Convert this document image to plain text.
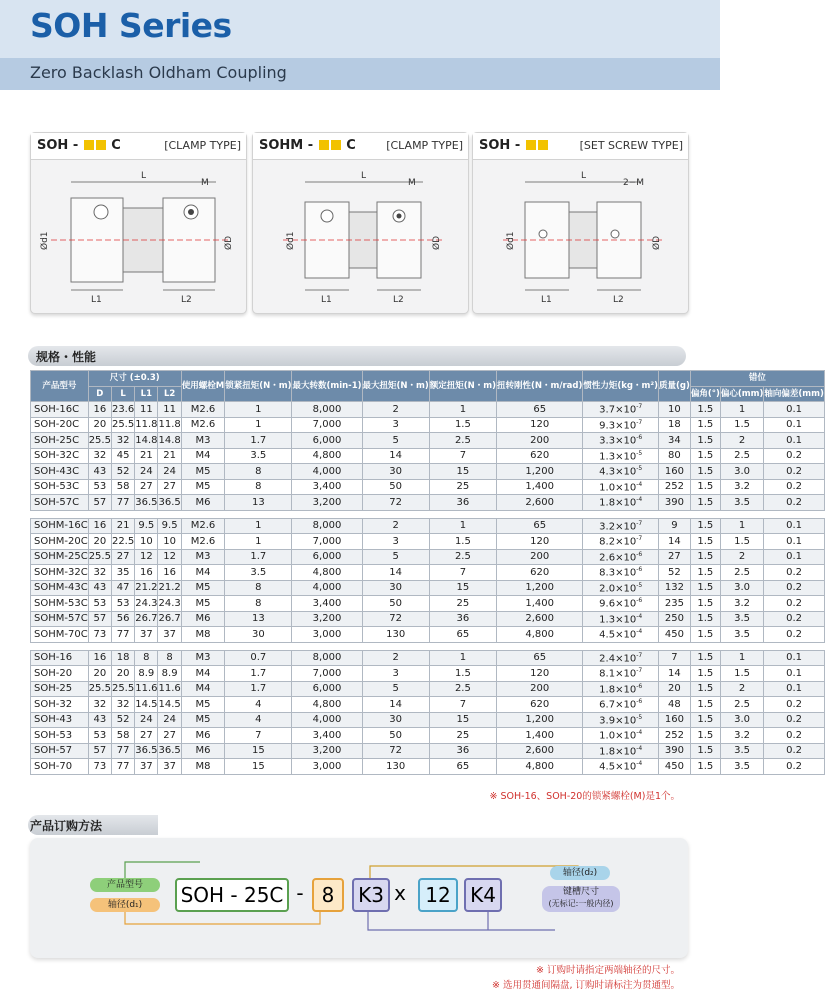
SOH Series
Zero Backlash Oldham Coupling
SOH -	C	[CLAMP TYPE]
L
L1	L2
M
Ød1	ØD
SOHM -	C	[CLAMP TYPE]
L
L1	L2
M
Ød1	ØD
SOH -	[SET SCREW TYPE]
L
L1	L2
2−M
Ød1	ØD
规格・性能
产品型号	尺寸 (±0.3)				使用螺栓M	锁紧扭矩(N・m)	最大转数(min-1)	最大扭矩(N・m)	额定扭矩(N・m)	扭转刚性(N・m/rad)	惯性力矩(kg・m²)	质量(g)	错位		
	D	L	L1	L2									偏角(°)	偏心(mm)	轴向偏差(mm)
SOH-16C	16	23.6	11	11	M2.6	1	8,000	2	1	65	$3.7\times 10^{-7}$	10	1.5	1	0.1
SOH-20C	20	25.5	11.8	11.8	M2.6	1	7,000	3	1.5	120	$9.3\times 10^{-7}$	18	1.5	1.5	0.1
SOH-25C	25.5	32	14.8	14.8	M3	1.7	6,000	5	2.5	200	$3.3\times 10^{-6}$	34	1.5	2	0.1
SOH-32C	32	45	21	21	M4	3.5	4,800	14	7	620	$1.3\times 10^{-5}$	80	1.5	2.5	0.2
SOH-43C	43	52	24	24	M5	8	4,000	30	15	1,200	$4.3\times 10^{-5}$	160	1.5	3.0	0.2
SOH-53C	53	58	27	27	M5	8	3,400	50	25	1,400	$1.0\times 10^{-4}$	252	1.5	3.2	0.2
SOH-57C	57	77	36.5	36.5	M6	13	3,200	72	36	2,600	$1.8\times 10^{-4}$	390	1.5	3.5	0.2

SOHM-16C	16	21	9.5	9.5	M2.6	1	8,000	2	1	65	$3.2\times 10^{-7}$	9	1.5	1	0.1
SOHM-20C	20	22.5	10	10	M2.6	1	7,000	3	1.5	120	$8.2\times 10^{-7}$	14	1.5	1.5	0.1
SOHM-25C	25.5	27	12	12	M3	1.7	6,000	5	2.5	200	$2.6\times 10^{-6}$	27	1.5	2	0.1
SOHM-32C	32	35	16	16	M4	3.5	4,800	14	7	620	$8.3\times 10^{-6}$	52	1.5	2.5	0.2
SOHM-43C	43	47	21.2	21.2	M5	8	4,000	30	15	1,200	$2.0\times 10^{-5}$	132	1.5	3.0	0.2
SOHM-53C	53	53	24.3	24.3	M5	8	3,400	50	25	1,400	$9.6\times 10^{-6}$	235	1.5	3.2	0.2
SOHM-57C	57	56	26.7	26.7	M6	13	3,200	72	36	2,600	$1.3\times 10^{-4}$	250	1.5	3.5	0.2
SOHM-70C	73	77	37	37	M8	30	3,000	130	65	4,800	$4.5\times 10^{-4}$	450	1.5	3.5	0.2

SOH-16	16	18	8	8	M3	0.7	8,000	2	1	65	$2.4\times 10^{-7}$	7	1.5	1	0.1
SOH-20	20	20	8.9	8.9	M4	1.7	7,000	3	1.5	120	$8.1\times 10^{-7}$	14	1.5	1.5	0.1
SOH-25	25.5	25.5	11.6	11.6	M4	1.7	6,000	5	2.5	200	$1.8\times 10^{-6}$	20	1.5	2	0.1
SOH-32	32	32	14.5	14.5	M5	4	4,800	14	7	620	$6.7\times 10^{-6}$	48	1.5	2.5	0.2
SOH-43	43	52	24	24	M5	4	4,000	30	15	1,200	$3.9\times 10^{-5}$	160	1.5	3.0	0.2
SOH-53	53	58	27	27	M6	7	3,400	50	25	1,400	$1.0\times 10^{-4}$	252	1.5	3.2	0.2
SOH-57	57	77	36.5	36.5	M6	15	3,200	72	36	2,600	$1.8\times 10^{-4}$	390	1.5	3.5	0.2
SOH-70	73	77	37	37	M8	15	3,000	130	65	4,800	$4.5\times 10^{-4}$	450	1.5	3.5	0.2
※ SOH-16、SOH-20的锁紧螺栓(M)是1个。
产品订购方法
产品型号
轴径(d₁)	SOH - 25C - 8	K3 x 12 K4
轴径(d₂)
键槽尺寸
(无标记:一般内径)
※ 订购时请指定两端轴径的尺寸。
※ 选用贯通间隔盘, 订购时请标注为贯通型。
